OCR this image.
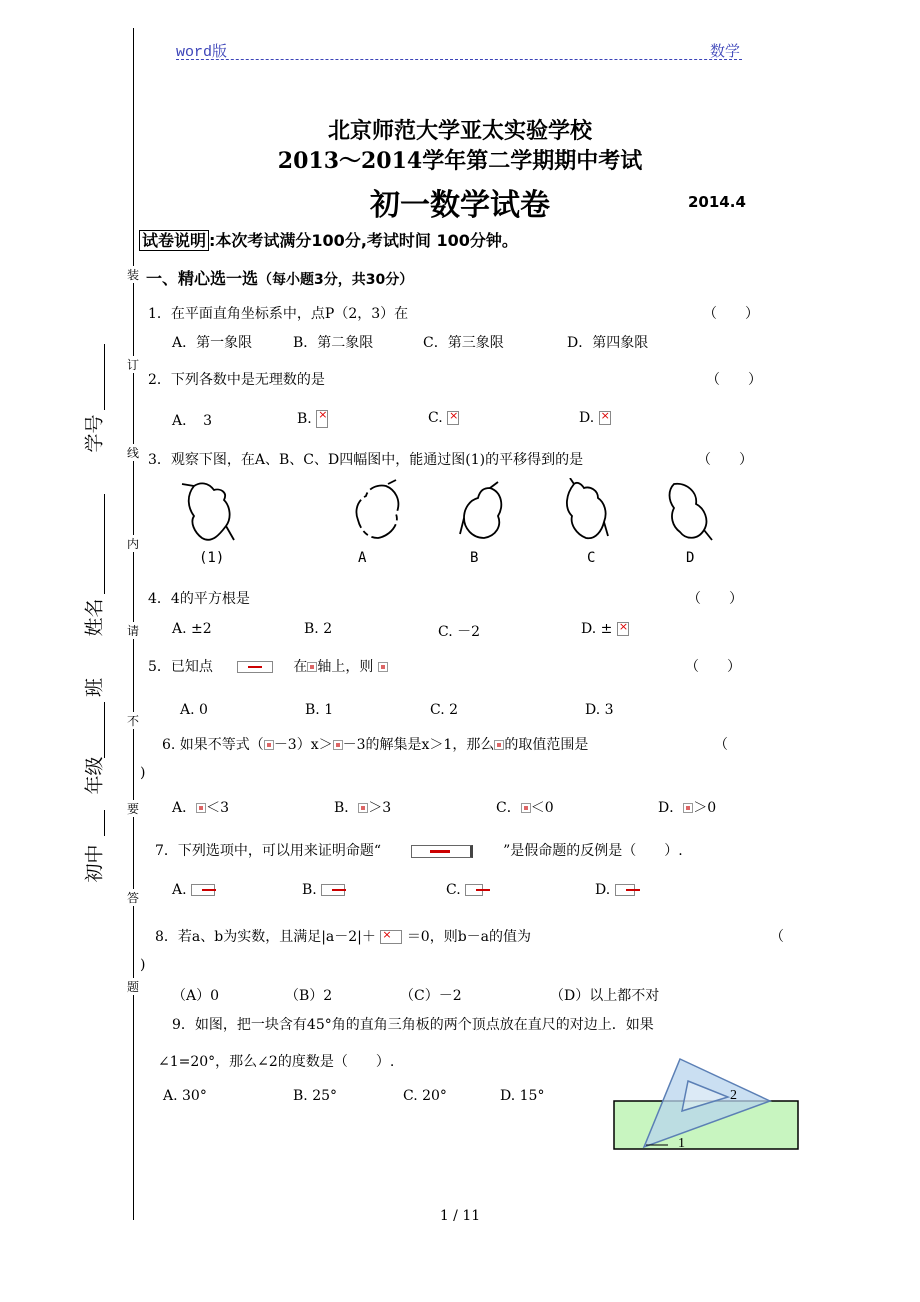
word版	数学
装
订
线
内
请
不
要
答
题
学号
姓名
班
年级
初中
北京师范大学亚太实验学校
2013～2014学年第二学期期中考试
初一数学试卷	2014.4
试卷说明 :本次考试满分100分,考试时间 100分钟。
一、精心选一选（每小题3分，共30分）
1．在平面直角坐标系中，点P（2，3）在	（　　）
A．第一象限	B．第二象限	C．第三象限	D．第四象限
2．下列各数中是无理数的是	（　　）
A．　3	B. ×	C. ×	D. ×
3．观察下图，在A、B、C、D四幅图中，能通过图(1)的平移得到的是	（　　）
(1)	A	B	C	D
4．4的平方根是	（　　）
A. ±2	B. 2	C. －2	D. ± ×
5．已知点	在 轴上，则	（　　）
A. 0	B. 1	C. 2	D. 3
6. 如果不等式（ －3）x＞ －3的解集是x＞1，那么 的取值范围是	（
)
A． ＜3	B． ＞3	C． ＜0	D． ＞0
7．下列选项中，可以用来证明命题“	”是假命题的反例是（　　）.
A.	B.	C.	D.
8．若a、b为实数，且满足|a－2|＋ × ＝0，则b－a的值为	（
)
（A）0	（B）2	（C）－2	（D）以上都不对
9．如图，把一块含有45°角的直角三角板的两个顶点放在直尺的对边上．如果
∠1=20°，那么∠2的度数是（　　）.
A. 30°	B. 25°	C. 20°	D. 15°
1
2
1 / 11
